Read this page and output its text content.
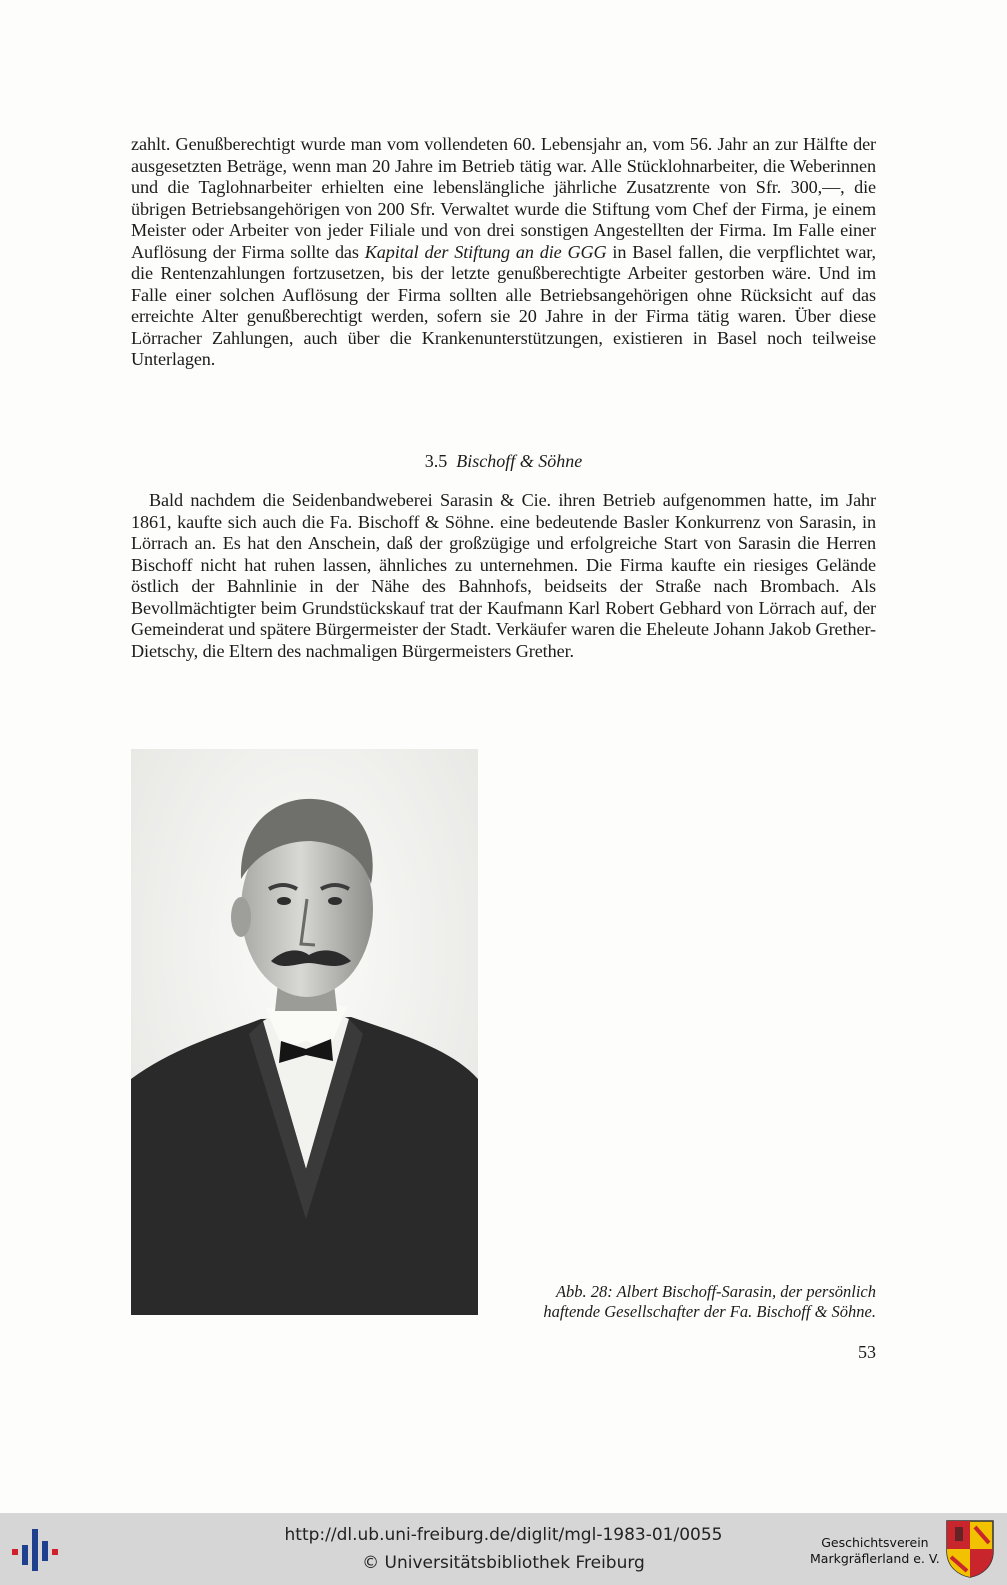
zahlt. Genußberechtigt wurde man vom vollendeten 60. Lebensjahr an, vom 56. Jahr an zur Hälfte der ausgesetzten Beträge, wenn man 20 Jahre im Betrieb tätig war. Alle Stücklohnarbeiter, die Weberinnen und die Taglohnarbeiter erhielten eine lebenslängliche jährliche Zusatzrente von Sfr. 300,—, die übrigen Betriebsangehörigen von 200 Sfr. Verwaltet wurde die Stiftung vom Chef der Firma, je einem Meister oder Arbeiter von jeder Filiale und von drei sonstigen Angestellten der Firma. Im Falle einer Auflösung der Firma sollte das Kapital der Stiftung an die GGG in Basel fallen, die verpflichtet war, die Rentenzahlungen fortzusetzen, bis der letzte genußberechtigte Arbeiter gestorben wäre. Und im Falle einer solchen Auflösung der Firma sollten alle Betriebsangehörigen ohne Rücksicht auf das erreichte Alter genußberechtigt werden, sofern sie 20 Jahre in der Firma tätig waren. Über diese Lörracher Zahlungen, auch über die Krankenunterstützungen, existieren in Basel noch teilweise Unterlagen.

3.5 Bischoff & Söhne

Bald nachdem die Seidenbandweberei Sarasin & Cie. ihren Betrieb aufgenommen hatte, im Jahr 1861, kaufte sich auch die Fa. Bischoff & Söhne. eine bedeutende Basler Konkurrenz von Sarasin, in Lörrach an. Es hat den Anschein, daß der großzügige und erfolgreiche Start von Sarasin die Herren Bischoff nicht hat ruhen lassen, ähnliches zu unternehmen. Die Firma kaufte ein riesiges Gelände östlich der Bahnlinie in der Nähe des Bahnhofs, beidseits der Straße nach Brombach. Als Bevollmächtigter beim Grundstückskauf trat der Kaufmann Karl Robert Gebhard von Lörrach auf, der Gemeinderat und spätere Bürgermeister der Stadt. Verkäufer waren die Eheleute Johann Jakob Grether-Dietschy, die Eltern des nachmaligen Bürgermeisters Grether.

Abb. 28: Albert Bischoff-Sarasin, der persönlich
haftende Gesellschafter der Fa. Bischoff & Söhne.
53
http://dl.ub.uni-freiburg.de/diglit/mgl-1983-01/0055
© Universitätsbibliothek Freiburg
Geschichtsverein
Markgräflerland e. V.
